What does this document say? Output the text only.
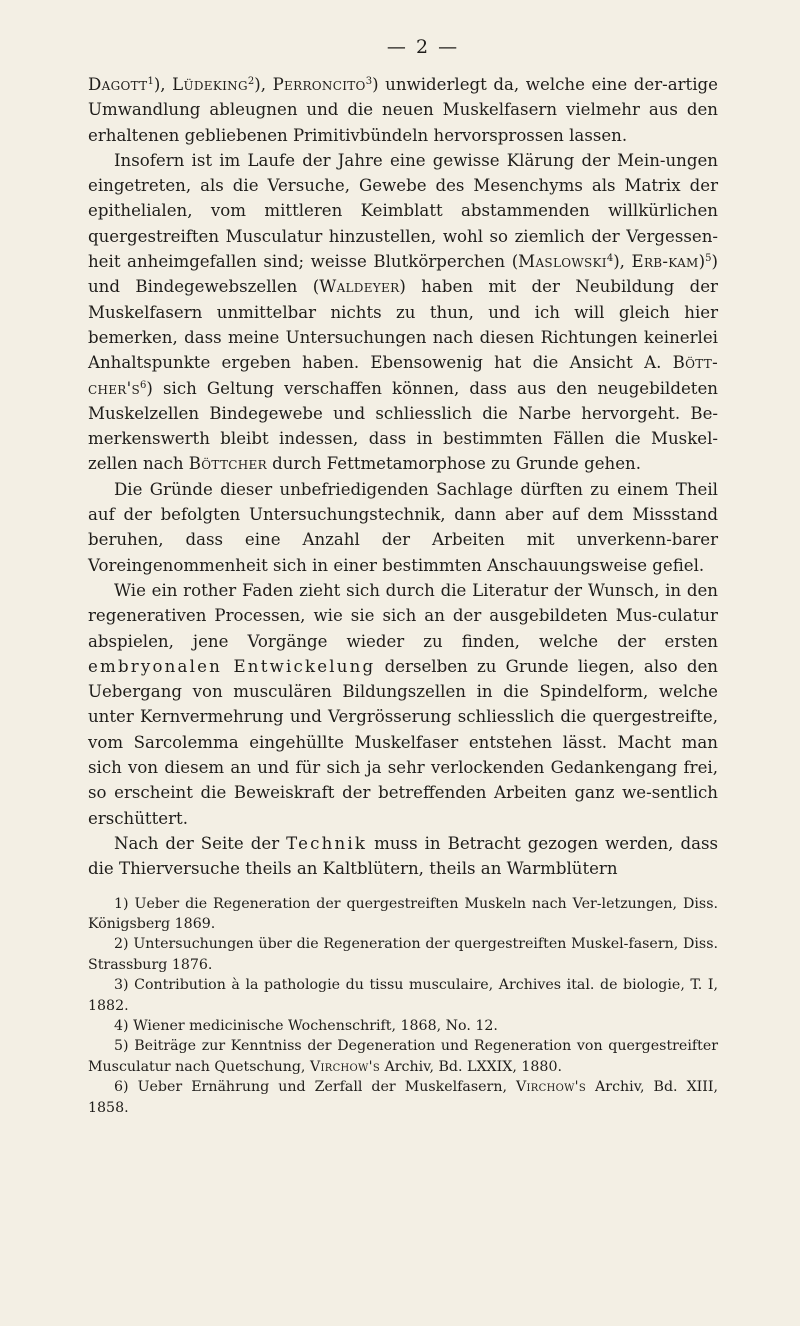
— 2 —

Dagott$^1$), Lüdeking$^2$), Perroncito$^3$) unwiderlegt da, welche eine der-artige Umwandlung ableugnen und die neuen Muskelfasern vielmehr aus den erhaltenen gebliebenen Primitivbündeln hervorsprossen lassen.

Insofern ist im Laufe der Jahre eine gewisse Klärung der Mein-ungen eingetreten, als die Versuche, Gewebe des Mesenchyms als Matrix der epithelialen, vom mittleren Keimblatt abstammenden willkürlichen quergestreiften Musculatur hinzustellen, wohl so ziemlich der Vergessen-heit anheimgefallen sind; weisse Blutkörperchen (Maslowski$^4$), Erb-kam)$^5$) und Bindegewebszellen (Waldeyer) haben mit der Neubildung der Muskelfasern unmittelbar nichts zu thun, und ich will gleich hier bemerken, dass meine Untersuchungen nach diesen Richtungen keinerlei Anhaltspunkte ergeben haben. Ebensowenig hat die Ansicht A. Bött-$cher's^6$) sich Geltung verschaffen können, dass aus den neugebildeten Muskelzellen Bindegewebe und schliesslich die Narbe hervorgeht. Be-merkenswerth bleibt indessen, dass in bestimmten Fällen die Muskel-zellen nach Böttcher durch Fettmetamorphose zu Grunde gehen.

Die Gründe dieser unbefriedigenden Sachlage dürften zu einem Theil auf der befolgten Untersuchungstechnik, dann aber auf dem Missstand beruhen, dass eine Anzahl der Arbeiten mit unverkenn-barer Voreingenommenheit sich in einer bestimmten Anschauungsweise gefiel.

Wie ein rother Faden zieht sich durch die Literatur der Wunsch, in den regenerativen Processen, wie sie sich an der ausgebildeten Mus-culatur abspielen, jene Vorgänge wieder zu finden, welche der ersten embryonalen Entwickelung derselben zu Grunde liegen, also den Uebergang von musculären Bildungszellen in die Spindelform, welche unter Kernvermehrung und Vergrösserung schliesslich die quergestreifte, vom Sarcolemma eingehüllte Muskelfaser entstehen lässt. Macht man sich von diesem an und für sich ja sehr verlockenden Gedankengang frei, so erscheint die Beweiskraft der betreffenden Arbeiten ganz we-sentlich erschüttert.

Nach der Seite der Technik muss in Betracht gezogen werden, dass die Thierversuche theils an Kaltblütern, theils an Warmblütern

1) Ueber die Regeneration der quergestreiften Muskeln nach Ver-letzungen, Diss. Königsberg 1869.

2) Untersuchungen über die Regeneration der quergestreiften Muskel-fasern, Diss. Strassburg 1876.

3) Contribution à la pathologie du tissu musculaire, Archives ital. de biologie, T. I, 1882.

4) Wiener medicinische Wochenschrift, 1868, No. 12.

5) Beiträge zur Kenntniss der Degeneration und Regeneration von quergestreifter Musculatur nach Quetschung, Virchow's Archiv, Bd. LXXIX, 1880.

6) Ueber Ernährung und Zerfall der Muskelfasern, Virchow's Archiv, Bd. XIII, 1858.
